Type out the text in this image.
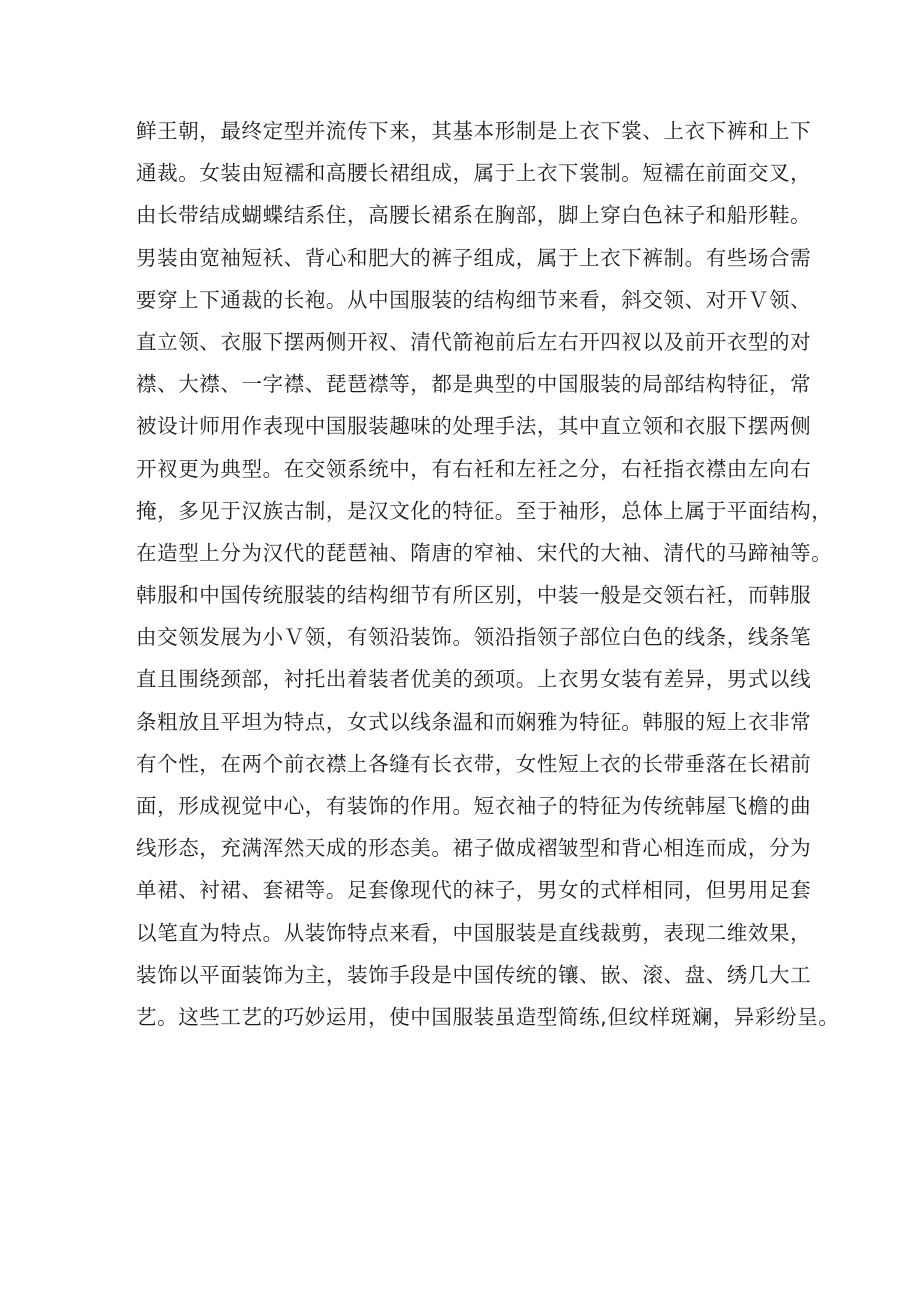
鲜王朝，最终定型并流传下来，其基本形制是上衣下裳、上衣下裤和上下
通裁。女装由短襦和高腰长裙组成，属于上衣下裳制。短襦在前面交叉，
由长带结成蝴蝶结系住，高腰长裙系在胸部，脚上穿白色袜子和船形鞋。
男装由宽袖短袄、背心和肥大的裤子组成，属于上衣下裤制。有些场合需
要穿上下通裁的长袍。从中国服装的结构细节来看，斜交领、对开Ｖ领、
直立领、衣服下摆两侧开衩、清代箭袍前后左右开四衩以及前开衣型的对
襟、大襟、一字襟、琵琶襟等，都是典型的中国服装的局部结构特征，常
被设计师用作表现中国服装趣味的处理手法，其中直立领和衣服下摆两侧
开衩更为典型。在交领系统中，有右衽和左衽之分，右衽指衣襟由左向右
掩，多见于汉族古制，是汉文化的特征。至于袖形，总体上属于平面结构，
在造型上分为汉代的琵琶袖、隋唐的窄袖、宋代的大袖、清代的马蹄袖等。
韩服和中国传统服装的结构细节有所区别，中装一般是交领右衽，而韩服
由交领发展为小Ｖ领，有领沿装饰。领沿指领子部位白色的线条，线条笔
直且围绕颈部，衬托出着装者优美的颈项。上衣男女装有差异，男式以线
条粗放且平坦为特点，女式以线条温和而娴雅为特征。韩服的短上衣非常
有个性，在两个前衣襟上各缝有长衣带，女性短上衣的长带垂落在长裙前
面，形成视觉中心，有装饰的作用。短衣袖子的特征为传统韩屋飞檐的曲
线形态，充满浑然天成的形态美。裙子做成褶皱型和背心相连而成，分为
单裙、衬裙、套裙等。足套像现代的袜子，男女的式样相同，但男用足套
以笔直为特点。从装饰特点来看，中国服装是直线裁剪，表现二维效果，
装饰以平面装饰为主，装饰手段是中国传统的镶、嵌、滚、盘、绣几大工
艺。这些工艺的巧妙运用，使中国服装虽造型简练,但纹样斑斓，异彩纷呈。
